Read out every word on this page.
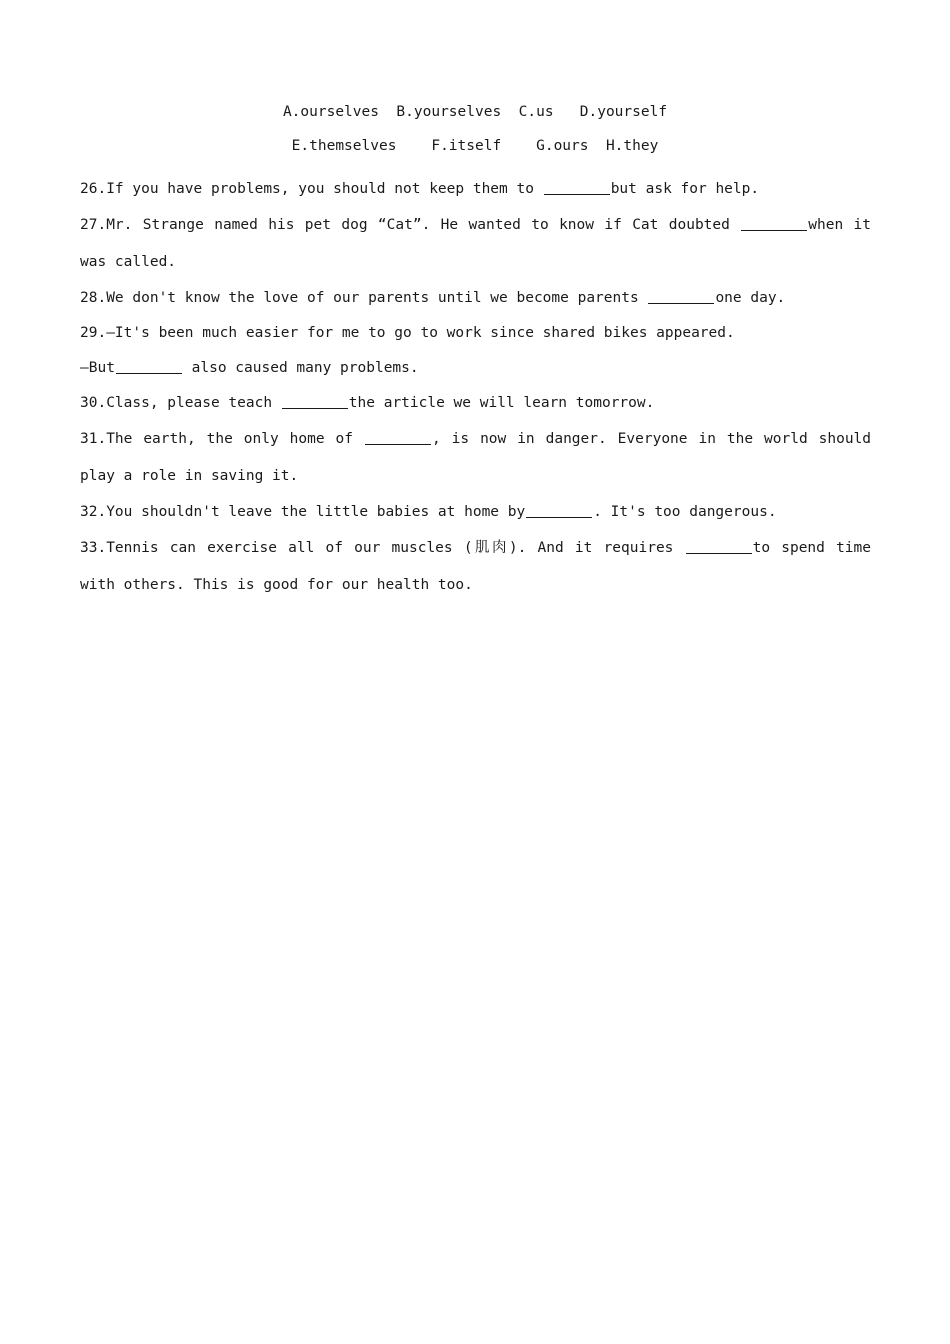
A.ourselves  B.yourselves  C.us   D.yourself
E.themselves    F.itself    G.ours  H.they

26.If you have problems, you should not keep them to	but ask for help.

27.Mr. Strange named his pet dog “Cat”. He wanted to know if Cat doubted	when it was called.

28.We don't know the love of our parents until we become parents	one day.

29.—It's been much easier for me to go to work since shared bikes appeared.

—But	also caused many problems.

30.Class, please teach	the article we will learn tomorrow.

31.The earth, the only home of	, is now in danger. Everyone in the world should play a role in saving it.

32.You shouldn't leave the little babies at home by	. It's too dangerous.

33.Tennis can exercise all of our muscles (肌肉). And it requires	to spend time with others. This is good for our health too.
